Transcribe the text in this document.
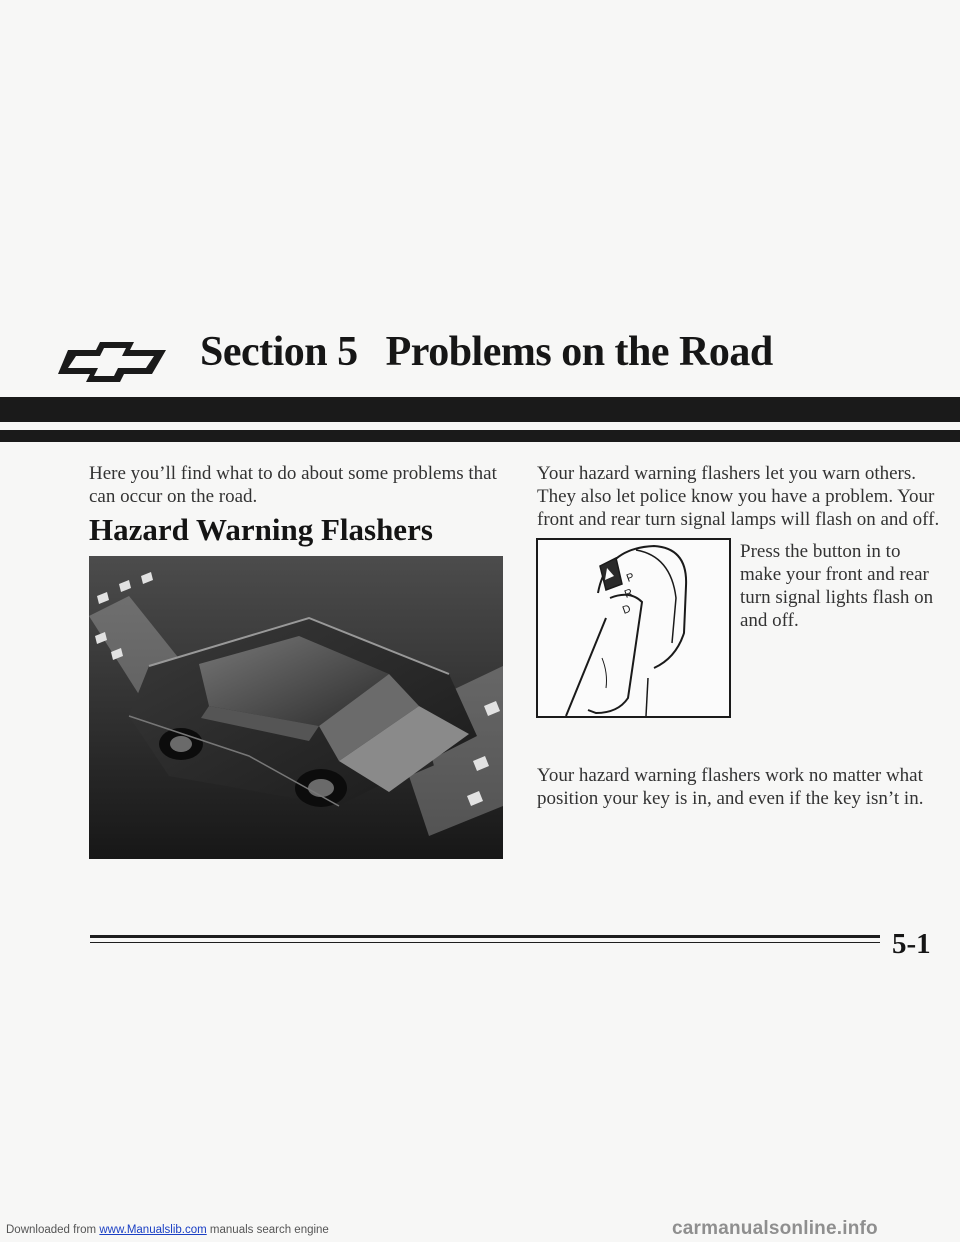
Section 5 Problems on the Road

Here you’ll find what to do about some problems that can occur on the road.

Hazard Warning Flashers

Your hazard warning flashers let you warn others. They also let police know you have a problem. Your front and rear turn signal lamps will flash on and off.

P
R
D

Press the button in to make your front and rear turn signal lights flash on and off.

Your hazard warning flashers work no matter what position your key is in, and even if the key isn’t in.

5-1

Downloaded from www.Manualslib.com manuals search engine	carmanualsonline.info
